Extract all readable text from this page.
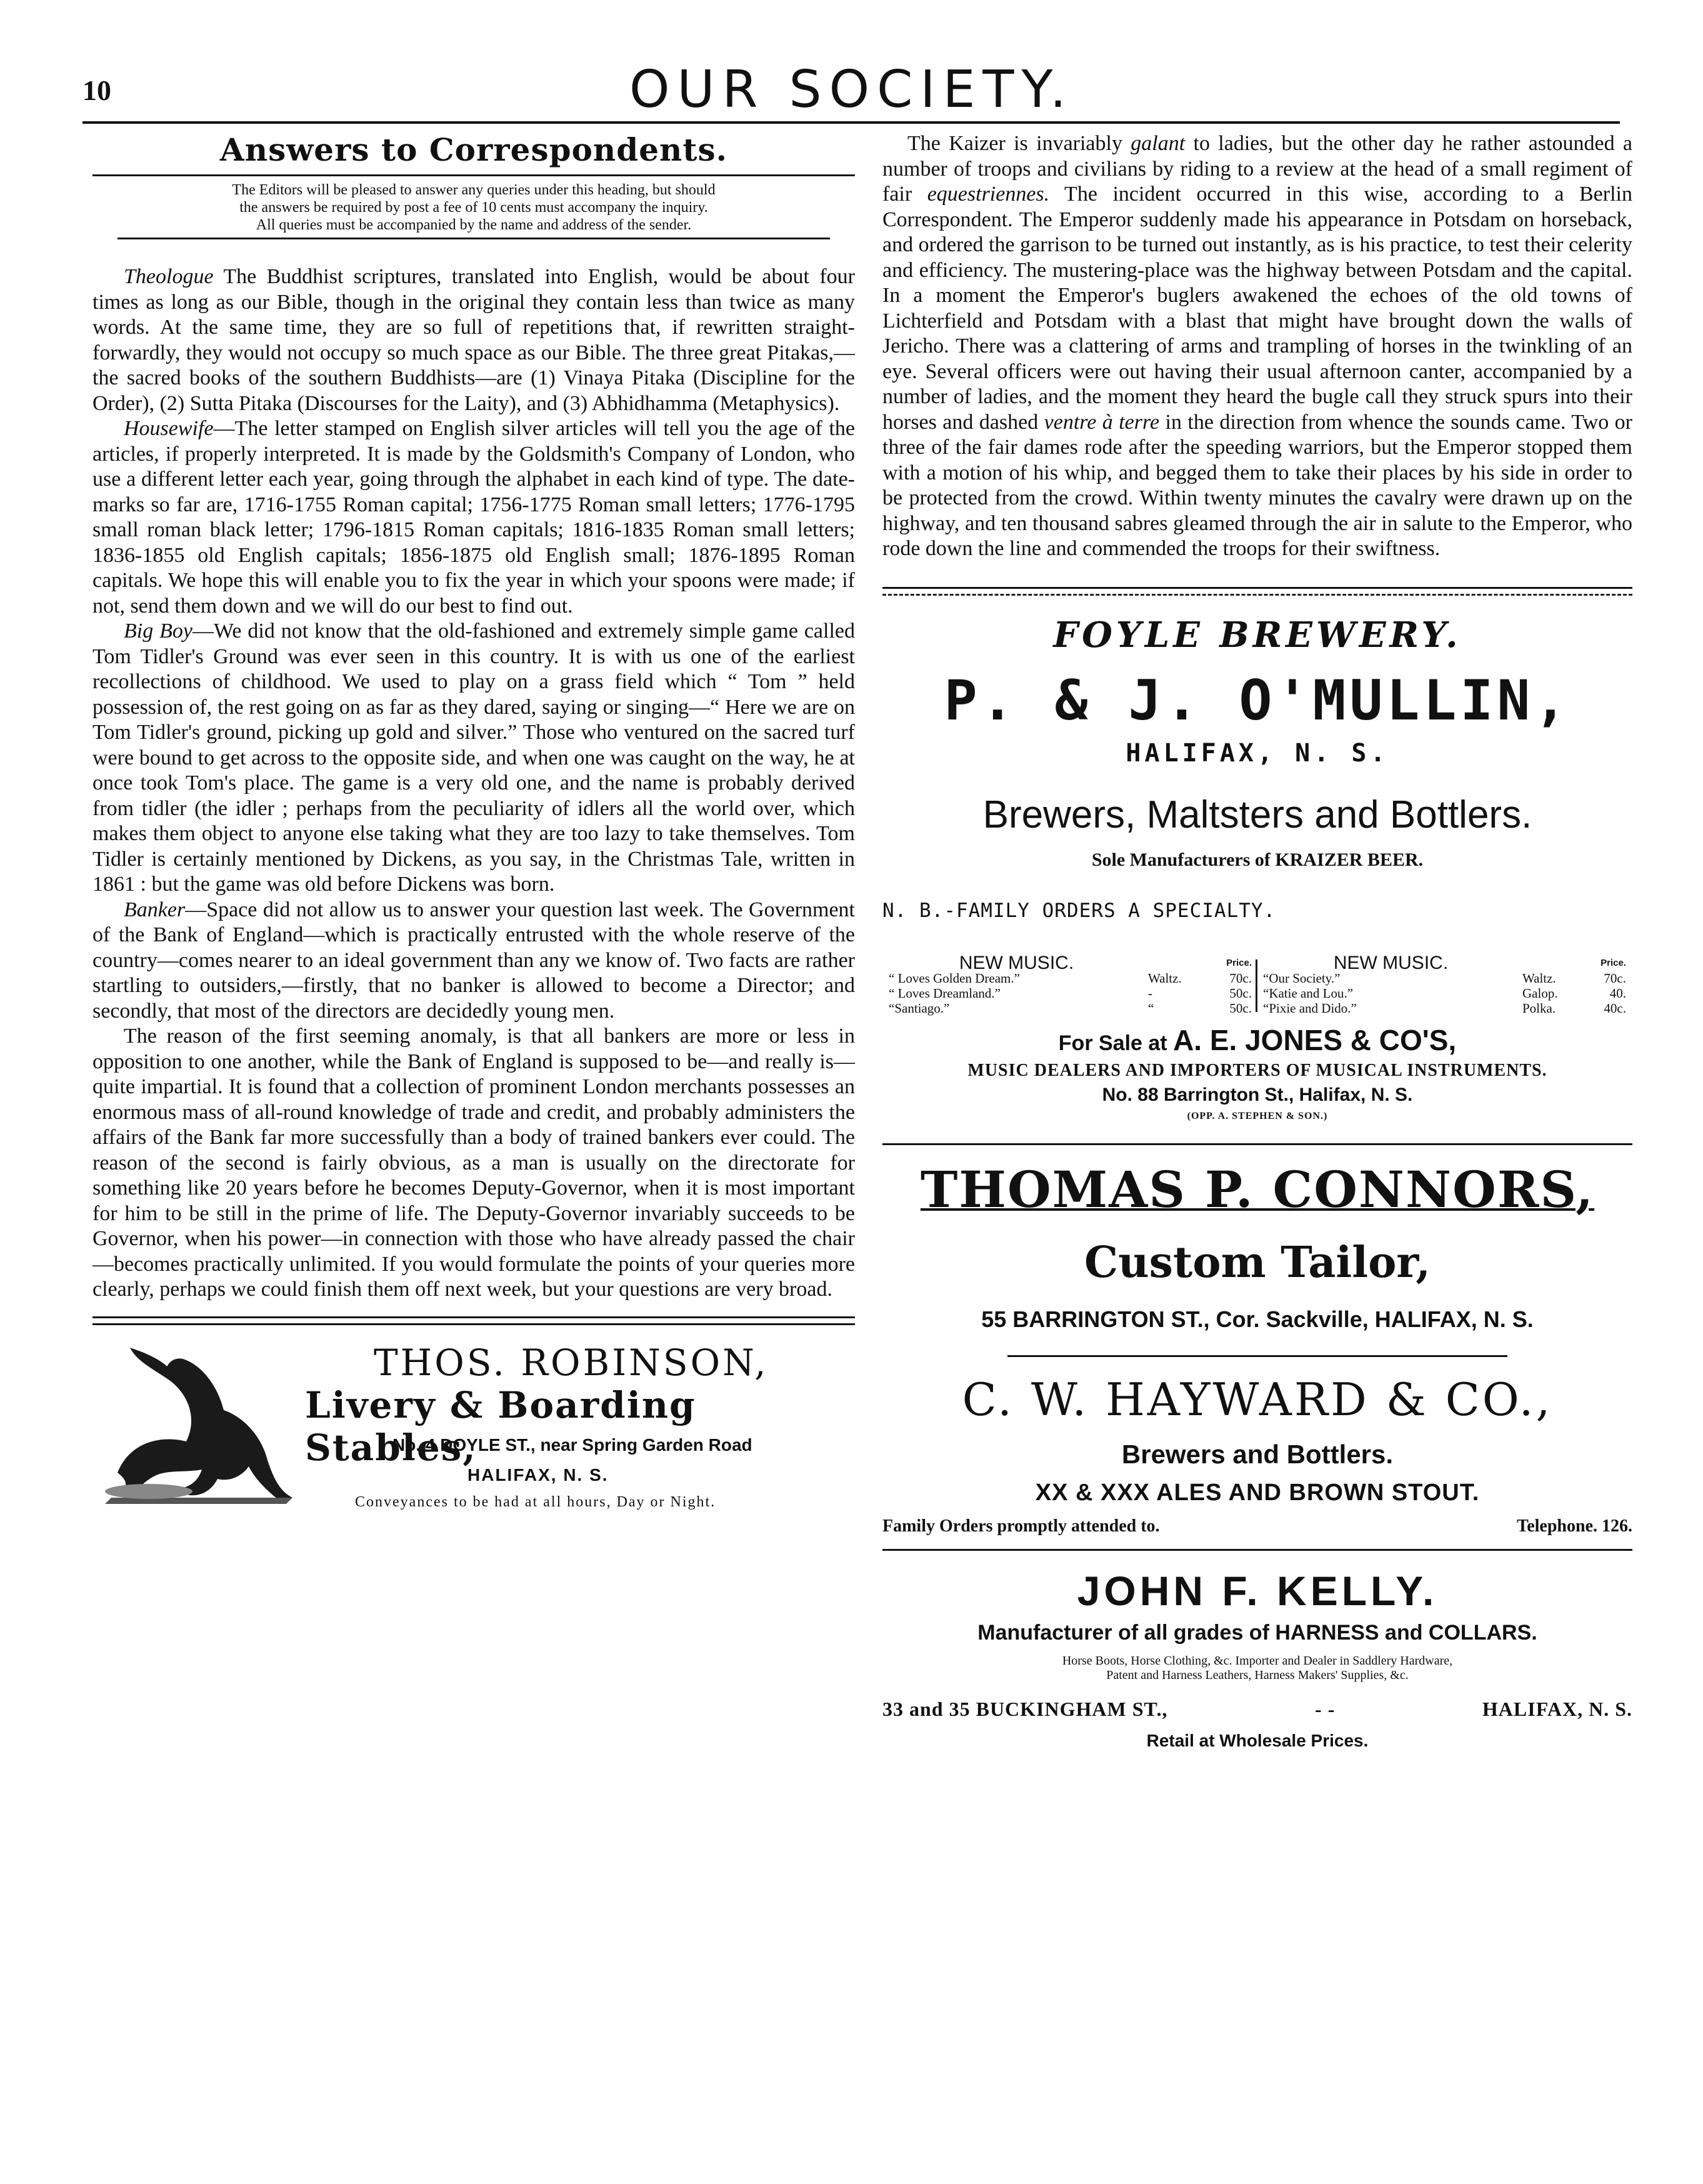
10	OUR SOCIETY.
Answers to Correspondents.
The Editors will be pleased to answer any queries under this heading, but should
the answers be required by post a fee of 10 cents must accompany the inquiry.
All queries must be accompanied by the name and address of the sender.

Theologue The Buddhist scriptures, translated into English, would be about four times as long as our Bible, though in the original they contain less than twice as many words. At the same time, they are so full of repetitions that, if rewritten straight-forwardly, they would not occupy so much space as our Bible. The three great Pitakas,—the sacred books of the southern Buddhists—are (1) Vinaya Pitaka (Discipline for the Order), (2) Sutta Pitaka (Discourses for the Laity), and (3) Abhidhamma (Metaphysics).

Housewife—The letter stamped on English silver articles will tell you the age of the articles, if properly interpreted. It is made by the Goldsmith's Company of London, who use a different letter each year, going through the alphabet in each kind of type. The date-marks so far are, 1716-1755 Roman capital; 1756-1775 Roman small letters; 1776-1795 small roman black letter; 1796-1815 Roman capitals; 1816-1835 Roman small letters; 1836-1855 old English capitals; 1856-1875 old English small; 1876-1895 Roman capitals. We hope this will enable you to fix the year in which your spoons were made; if not, send them down and we will do our best to find out.

Big Boy—We did not know that the old-fashioned and extremely simple game called Tom Tidler's Ground was ever seen in this country. It is with us one of the earliest recollections of childhood. We used to play on a grass field which “ Tom ” held possession of, the rest going on as far as they dared, saying or singing—“ Here we are on Tom Tidler's ground, picking up gold and silver.” Those who ventured on the sacred turf were bound to get across to the opposite side, and when one was caught on the way, he at once took Tom's place. The game is a very old one, and the name is probably derived from tidler (the idler ; perhaps from the peculiarity of idlers all the world over, which makes them object to anyone else taking what they are too lazy to take themselves. Tom Tidler is certainly mentioned by Dickens, as you say, in the Christmas Tale, written in 1861 : but the game was old before Dickens was born.

Banker—Space did not allow us to answer your question last week. The Government of the Bank of England—which is practically entrusted with the whole reserve of the country—comes nearer to an ideal government than any we know of. Two facts are rather startling to outsiders,—firstly, that no banker is allowed to become a Director; and secondly, that most of the directors are decidedly young men.

The reason of the first seeming anomaly, is that all bankers are more or less in opposition to one another, while the Bank of England is supposed to be—and really is—quite impartial. It is found that a collection of prominent London merchants possesses an enormous mass of all-round knowledge of trade and credit, and probably administers the affairs of the Bank far more successfully than a body of trained bankers ever could. The reason of the second is fairly obvious, as a man is usually on the directorate for something like 20 years before he becomes Deputy-Governor, when it is most important for him to be still in the prime of life. The Deputy-Governor invariably succeeds to be Governor, when his power—in connection with those who have already passed the chair—becomes practically unlimited. If you would formulate the points of your queries more clearly, perhaps we could finish them off next week, but your questions are very broad.

THOS. ROBINSON,
Livery & Boarding Stables,
No. 4 DOYLE ST., near Spring Garden Road
HALIFAX, N. S.
Conveyances to be had at all hours, Day or Night.

The Kaizer is invariably galant to ladies, but the other day he rather astounded a number of troops and civilians by riding to a review at the head of a small regiment of fair equestriennes. The incident occurred in this wise, according to a Berlin Correspondent. The Emperor suddenly made his appearance in Potsdam on horseback, and ordered the garrison to be turned out instantly, as is his practice, to test their celerity and efficiency. The mustering-place was the highway between Potsdam and the capital. In a moment the Emperor's buglers awakened the echoes of the old towns of Lichterfield and Potsdam with a blast that might have brought down the walls of Jericho. There was a clattering of arms and trampling of horses in the twinkling of an eye. Several officers were out having their usual afternoon canter, accompanied by a number of ladies, and the moment they heard the bugle call they struck spurs into their horses and dashed ventre à terre in the direction from whence the sounds came. Two or three of the fair dames rode after the speeding warriors, but the Emperor stopped them with a motion of his whip, and begged them to take their places by his side in order to be protected from the crowd. Within twenty minutes the cavalry were drawn up on the highway, and ten thousand sabres gleamed through the air in salute to the Emperor, who rode down the line and commended the troops for their swiftness.

FOYLE BREWERY.
P. & J. O'MULLIN,
HALIFAX, N. S.
Brewers, Maltsters and Bottlers.
Sole Manufacturers of KRAIZER BEER.
N. B.-FAMILY ORDERS A SPECIALTY.
NEW MUSIC.	Price.
“ Loves Golden Dream.”	Waltz.	70c.
“ Loves Dreamland.”	-	50c.
“Santiago.”	“	50c.
NEW MUSIC.	Price.
“Our Society.”	Waltz.	70c.
“Katie and Lou.”	Galop.	40.
“Pixie and Dido.”	Polka.	40c.
For Sale at A. E. JONES & CO'S,
MUSIC DEALERS AND IMPORTERS OF MUSICAL INSTRUMENTS.
No. 88 Barrington St., Halifax, N. S.
(OPP. A. STEPHEN & SON.)
THOMAS P. CONNORS,
Custom Tailor,
55 BARRINGTON ST., Cor. Sackville, HALIFAX, N. S.
C. W. HAYWARD & CO.,
Brewers and Bottlers.
XX & XXX ALES AND BROWN STOUT.
Family Orders promptly attended to.	Telephone. 126.
JOHN F. KELLY.
Manufacturer of all grades of HARNESS and COLLARS.
Horse Boots, Horse Clothing, &c. Importer and Dealer in Saddlery Hardware,
Patent and Harness Leathers, Harness Makers' Supplies, &c.
33 and 35 BUCKINGHAM ST.,	- -	HALIFAX, N. S.
Retail at Wholesale Prices.
